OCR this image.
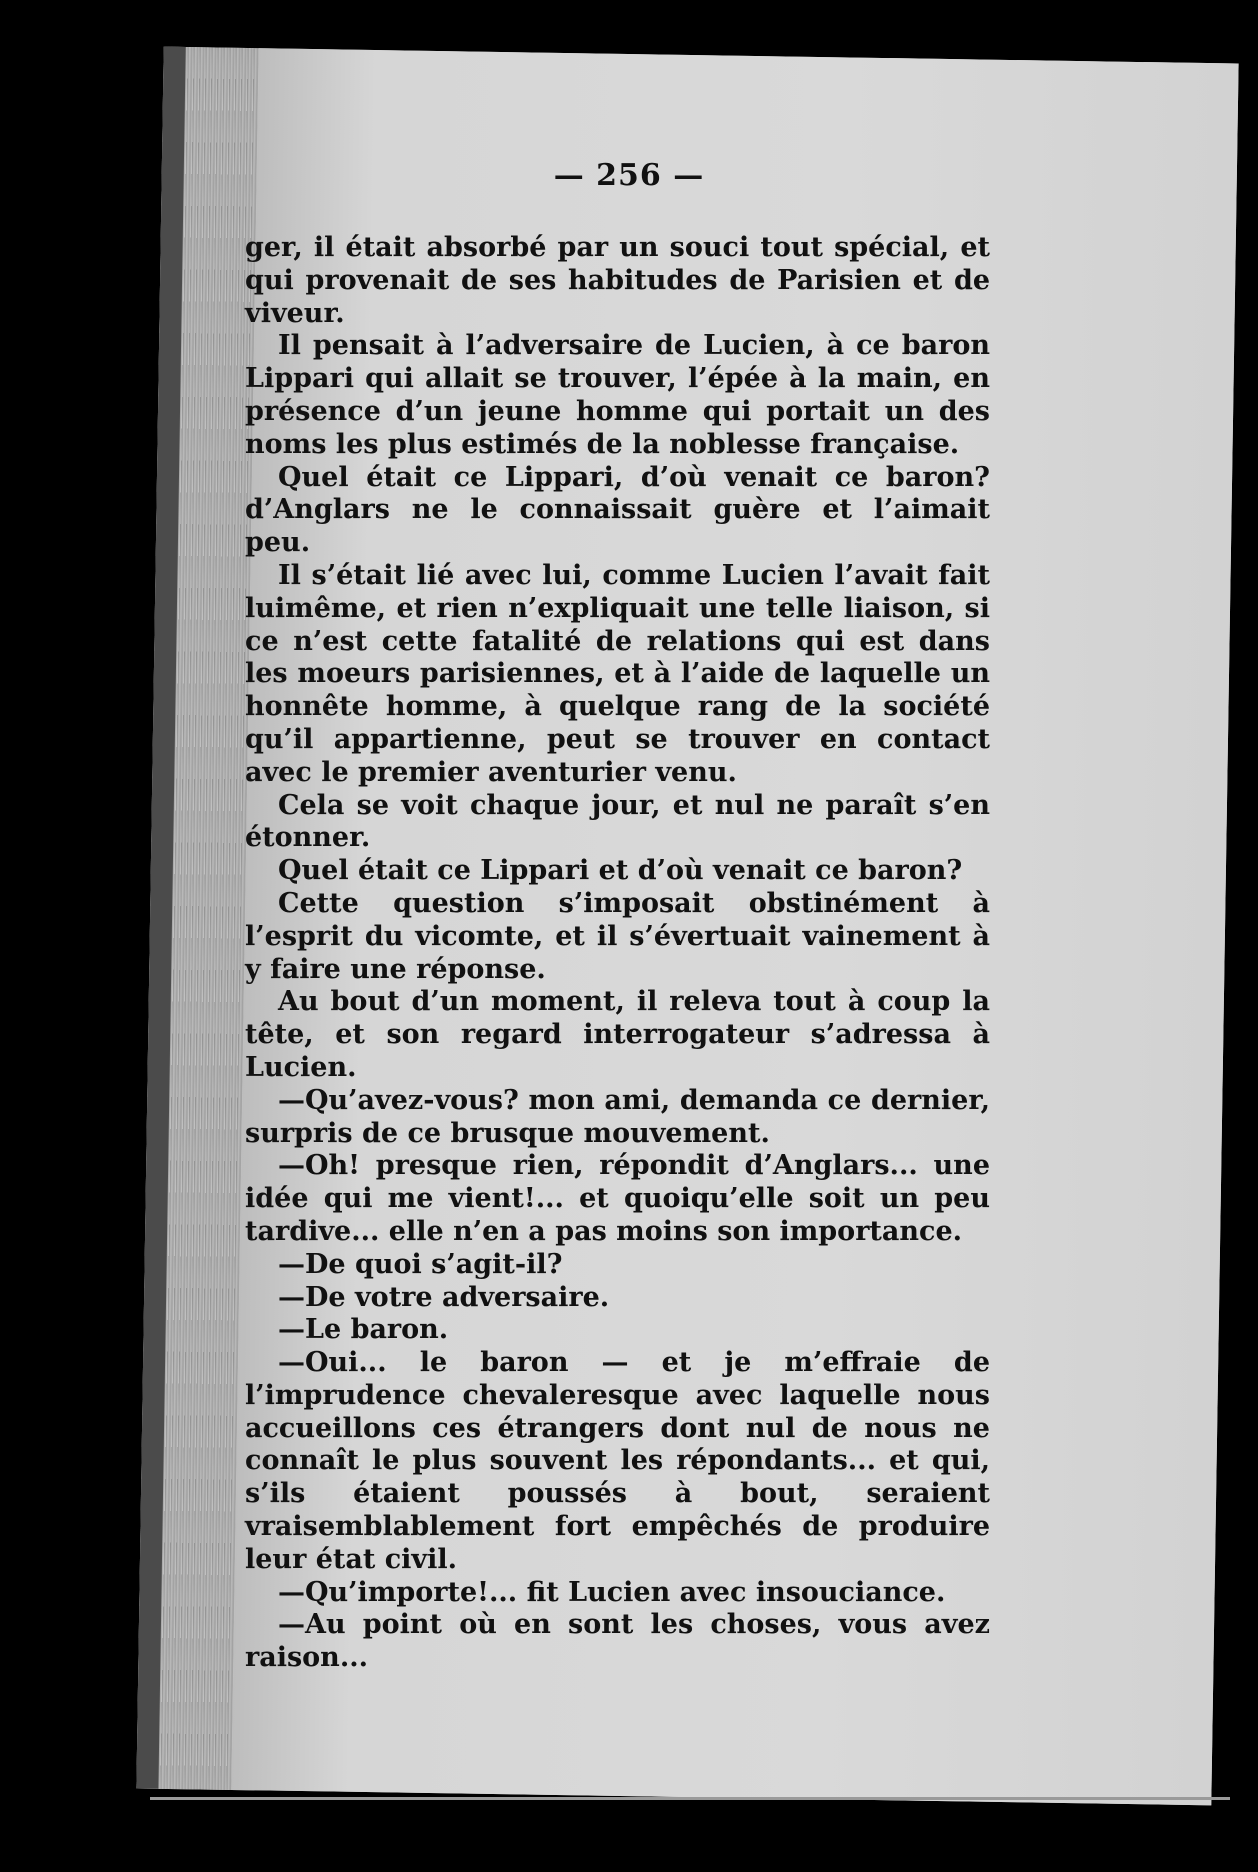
— 256 —

ger, il était absorbé par un souci tout spécial, et qui provenait de ses habitudes de Parisien et de viveur.

Il pensait à l’adversaire de Lucien, à ce baron Lippari qui allait se trouver, l’épée à la main, en présence d’un jeune homme qui portait un des noms les plus estimés de la noblesse française.

Quel était ce Lippari, d’où venait ce baron? d’Anglars ne le connaissait guère et l’aimait peu.

Il s’était lié avec lui, comme Lucien l’avait fait luimême, et rien n’expliquait une telle liaison, si ce n’est cette fatalité de relations qui est dans les moeurs parisiennes, et à l’aide de laquelle un honnête homme, à quelque rang de la société qu’il appartienne, peut se trouver en contact avec le premier aventurier venu.

Cela se voit chaque jour, et nul ne paraît s’en étonner.

Quel était ce Lippari et d’où venait ce baron?

Cette question s’imposait obstinément à l’esprit du vicomte, et il s’évertuait vainement à y faire une réponse.

Au bout d’un moment, il releva tout à coup la tête, et son regard interrogateur s’adressa à Lucien.

—Qu’avez-vous? mon ami, demanda ce dernier, surpris de ce brusque mouvement.

—Oh! presque rien, répondit d’Anglars... une idée qui me vient!... et quoiqu’elle soit un peu tardive... elle n’en a pas moins son importance.

—De quoi s’agit-il?

—De votre adversaire.

—Le baron.

—Oui... le baron — et je m’effraie de l’imprudence chevaleresque avec laquelle nous accueillons ces étrangers dont nul de nous ne connaît le plus souvent les répondants... et qui, s’ils étaient poussés à bout, seraient vraisemblablement fort empêchés de produire leur état civil.

—Qu’importe!... fit Lucien avec insouciance.

—Au point où en sont les choses, vous avez raison...
